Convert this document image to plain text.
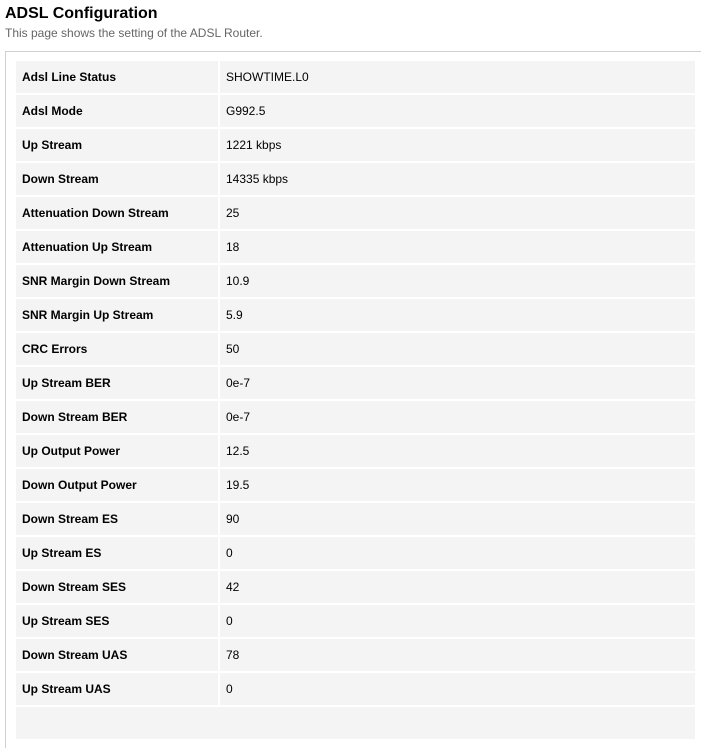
ADSL Configuration
This page shows the setting of the ADSL Router.
Adsl Line Status	SHOWTIME.L0
Adsl Mode	G992.5
Up Stream	1221 kbps
Down Stream	14335 kbps
Attenuation Down Stream	25
Attenuation Up Stream	18
SNR Margin Down Stream	10.9
SNR Margin Up Stream	5.9
CRC Errors	50
Up Stream BER	0e-7
Down Stream BER	0e-7
Up Output Power	12.5
Down Output Power	19.5
Down Stream ES	90
Up Stream ES	0
Down Stream SES	42
Up Stream SES	0
Down Stream UAS	78
Up Stream UAS	0
